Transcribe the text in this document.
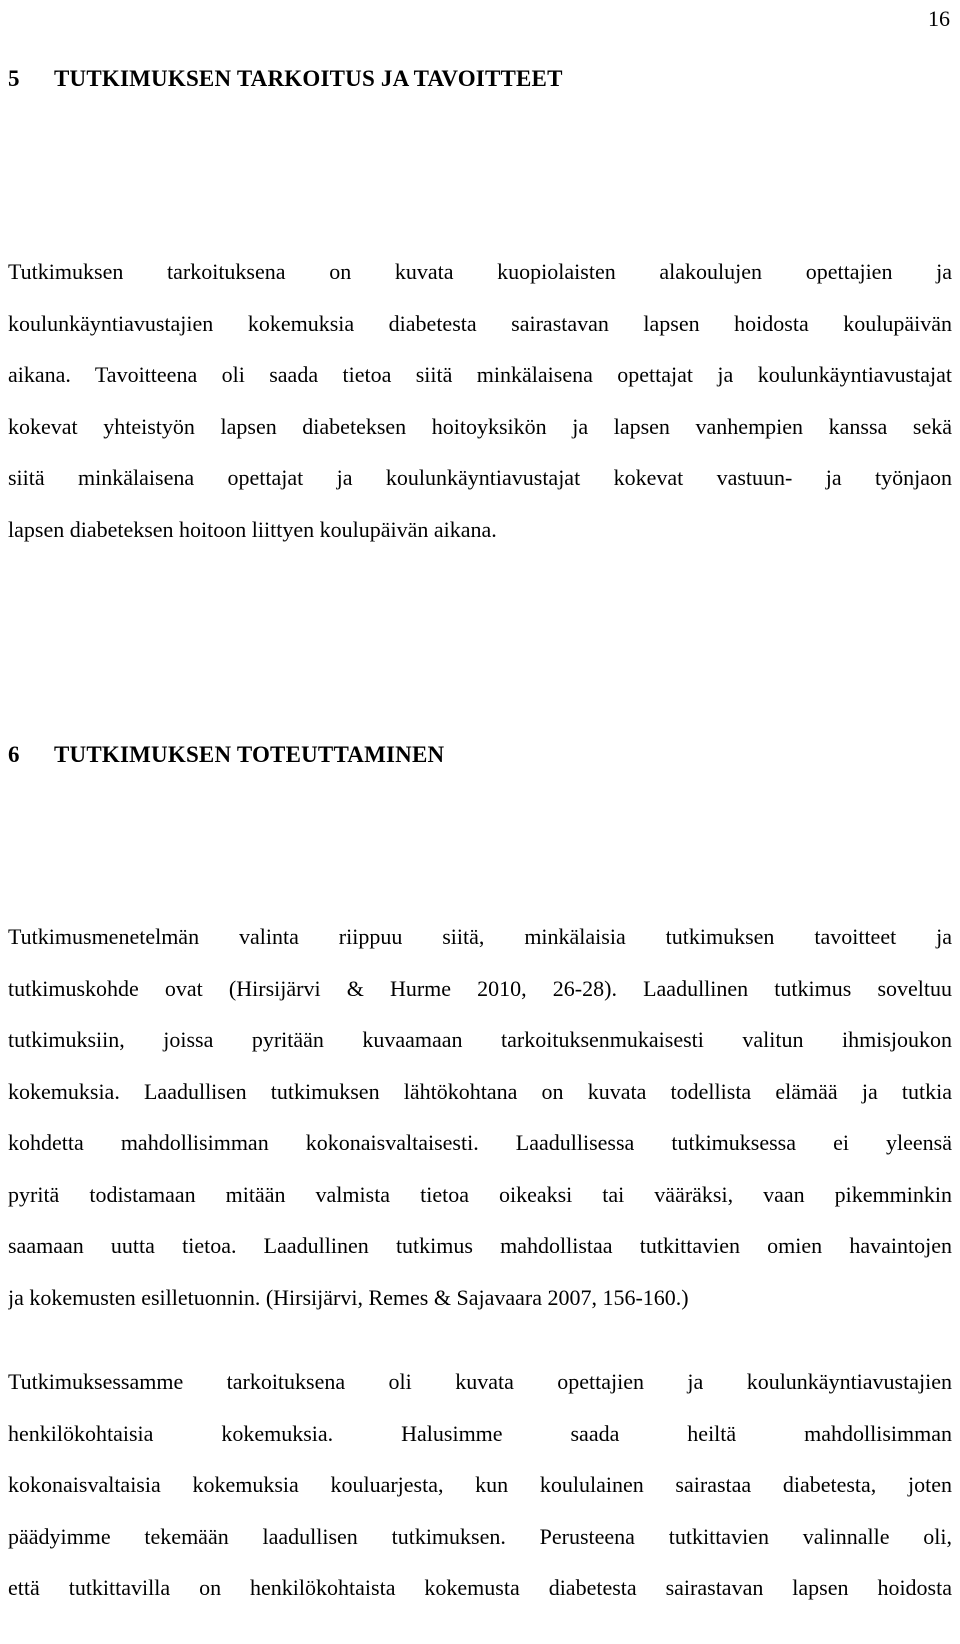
16
5 TUTKIMUKSEN TARKOITUS JA TAVOITTEET
Tutkimuksen tarkoituksena on kuvata kuopiolaisten alakoulujen opettajien ja
koulunkäyntiavustajien kokemuksia diabetesta sairastavan lapsen hoidosta koulupäivän
aikana. Tavoitteena oli saada tietoa siitä minkälaisena opettajat ja koulunkäyntiavustajat
kokevat yhteistyön lapsen diabeteksen hoitoyksikön ja lapsen vanhempien kanssa sekä
siitä minkälaisena opettajat ja koulunkäyntiavustajat kokevat vastuun- ja työnjaon
lapsen diabeteksen hoitoon liittyen koulupäivän aikana.
6 TUTKIMUKSEN TOTEUTTAMINEN
Tutkimusmenetelmän valinta riippuu siitä, minkälaisia tutkimuksen tavoitteet ja
tutkimuskohde ovat (Hirsijärvi & Hurme 2010, 26-28). Laadullinen tutkimus soveltuu
tutkimuksiin, joissa pyritään kuvaamaan tarkoituksenmukaisesti valitun ihmisjoukon
kokemuksia. Laadullisen tutkimuksen lähtökohtana on kuvata todellista elämää ja tutkia
kohdetta mahdollisimman kokonaisvaltaisesti. Laadullisessa tutkimuksessa ei yleensä
pyritä todistamaan mitään valmista tietoa oikeaksi tai vääräksi, vaan pikemminkin
saamaan uutta tietoa. Laadullinen tutkimus mahdollistaa tutkittavien omien havaintojen
ja kokemusten esilletuonnin. (Hirsijärvi, Remes & Sajavaara 2007, 156-160.)
Tutkimuksessamme tarkoituksena oli kuvata opettajien ja koulunkäyntiavustajien
henkilökohtaisia kokemuksia. Halusimme saada heiltä mahdollisimman
kokonaisvaltaisia kokemuksia kouluarjesta, kun koululainen sairastaa diabetesta, joten
päädyimme tekemään laadullisen tutkimuksen. Perusteena tutkittavien valinnalle oli,
että tutkittavilla on henkilökohtaista kokemusta diabetesta sairastavan lapsen hoidosta
